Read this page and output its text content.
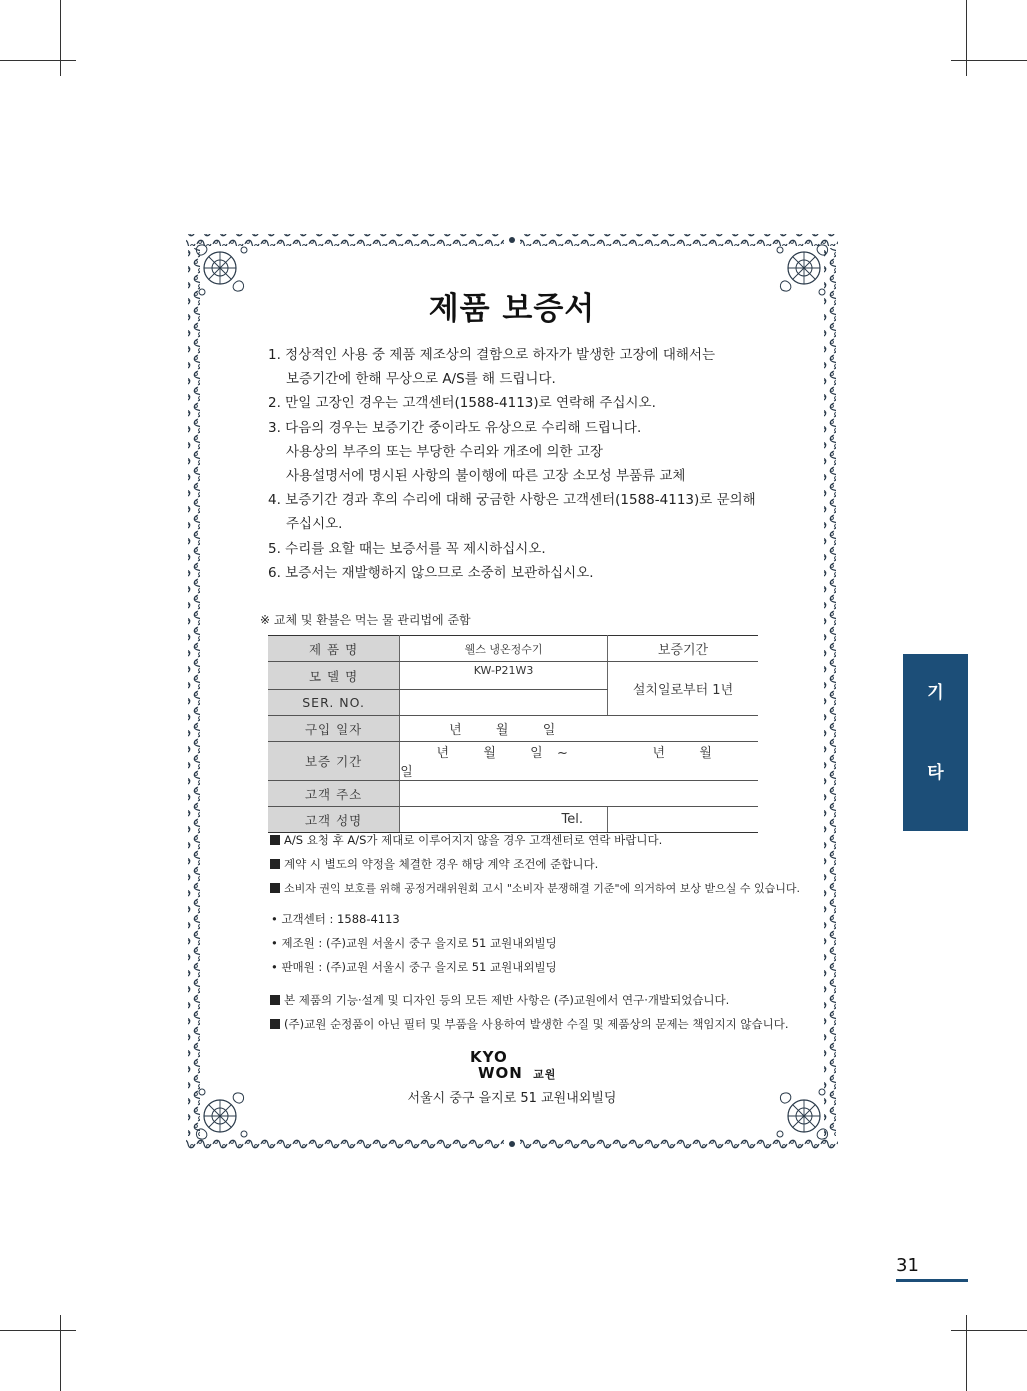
제품 보증서
1. 정상적인 사용 중 제품 제조상의 결함으로 하자가 발생한 고장에 대해서는
보증기간에 한해 무상으로 A/S를 해 드립니다.
2. 만일 고장인 경우는 고객센터(1588-4113)로 연락해 주십시오.
3. 다음의 경우는 보증기간 중이라도 유상으로 수리해 드립니다.
사용상의 부주의 또는 부당한 수리와 개조에 의한 고장
사용설명서에 명시된 사항의 불이행에 따른 고장 소모성 부품류 교체
4. 보증기간 경과 후의 수리에 대해 궁금한 사항은 고객센터(1588-4113)로 문의해
주십시오.
5. 수리를 요할 때는 보증서를 꼭 제시하십시오.
6. 보증서는 재발행하지 않으므로 소중히 보관하십시오.
※ 교체 및 환불은 먹는 물 관리법에 준함
제 품 명	웰스 냉온정수기	보증기간
모 델 명	KW-P21W3	설치일로부터 1년
SER. NO.		
구입 일자	년 월 일	
보증 기간	년 월 일 ~ 년 월  일	
고객 주소		
고객 성명	Tel.	
A/S 요청 후 A/S가 제대로 이루어지지 않을 경우 고객센터로 연락 바랍니다.
계약 시 별도의 약정을 체결한 경우 해당 계약 조건에 준합니다.
소비자 권익 보호를 위해 공정거래위원회 고시 "소비자 분쟁해결 기준"에 의거하여 보상 받으실 수 있습니다.
• 고객센터 : 1588-4113
• 제조원 : (주)교원 서울시 중구 을지로 51 교원내외빌딩
• 판매원 : (주)교원 서울시 중구 을지로 51 교원내외빌딩
본 제품의 기능·설계 및 디자인 등의 모든 제반 사항은 (주)교원에서 연구·개발되었습니다.
(주)교원 순정품이 아닌 필터 및 부품을 사용하여 발생한 수질 및 제품상의 문제는 책임지지 않습니다.
KYO
WON 교원
서울시 중구 을지로 51 교원내외빌딩
기
타
31
